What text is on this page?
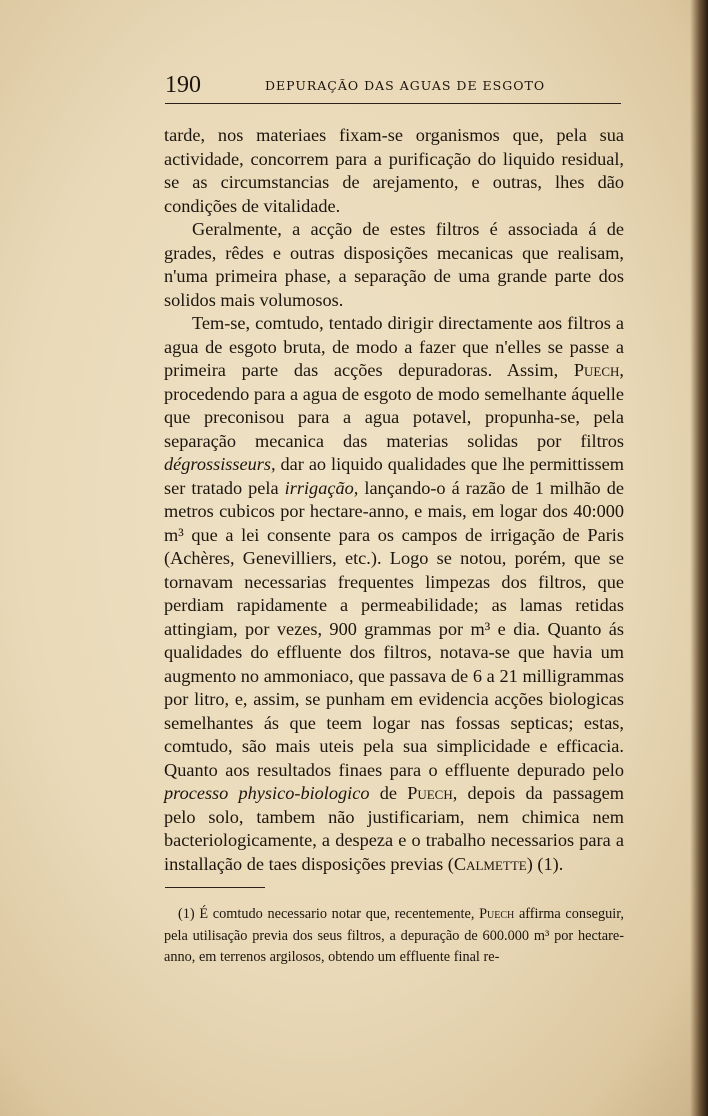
190	DEPURAÇÃO DAS AGUAS DE ESGOTO

tarde, nos materiaes fixam-se organismos que, pela sua actividade, concorrem para a purificação do liquido residual, se as circumstancias de arejamento, e outras, lhes dão condições de vitalidade.

Geralmente, a acção de estes filtros é associada á de grades, rêdes e outras disposições mecanicas que realisam, n'uma primeira phase, a separação de uma grande parte dos solidos mais volumosos.

Tem-se, comtudo, tentado dirigir directamente aos filtros a agua de esgoto bruta, de modo a fazer que n'elles se passe a primeira parte das acções depuradoras. Assim, Puech, procedendo para a agua de esgoto de modo semelhante áquelle que preconisou para a agua potavel, propunha-se, pela separação mecanica das materias solidas por filtros dégrossisseurs, dar ao liquido qualidades que lhe permittissem ser tratado pela irrigação, lançando-o á razão de 1 milhão de metros cubicos por hectare-anno, e mais, em logar dos 40:000 m³ que a lei consente para os campos de irrigação de Paris (Achères, Genevilliers, etc.). Logo se notou, porém, que se tornavam necessarias frequentes limpezas dos filtros, que perdiam rapidamente a permeabilidade; as lamas retidas attingiam, por vezes, 900 grammas por m³ e dia. Quanto ás qualidades do effluente dos filtros, notava-se que havia um augmento no ammoniaco, que passava de 6 a 21 milligrammas por litro, e, assim, se punham em evidencia acções biologicas semelhantes ás que teem logar nas fossas septicas; estas, comtudo, são mais uteis pela sua simplicidade e efficacia. Quanto aos resultados finaes para o effluente depurado pelo processo physico-biologico de Puech, depois da passagem pelo solo, tambem não justificariam, nem chimica nem bacteriologicamente, a despeza e o trabalho necessarios para a installação de taes disposições previas (Calmette) (1).

(1) É comtudo necessario notar que, recentemente, Puech affirma conseguir, pela utilisação previa dos seus filtros, a depuração de 600.000 m³ por hectare-anno, em terrenos argilosos, obtendo um effluente final re-
